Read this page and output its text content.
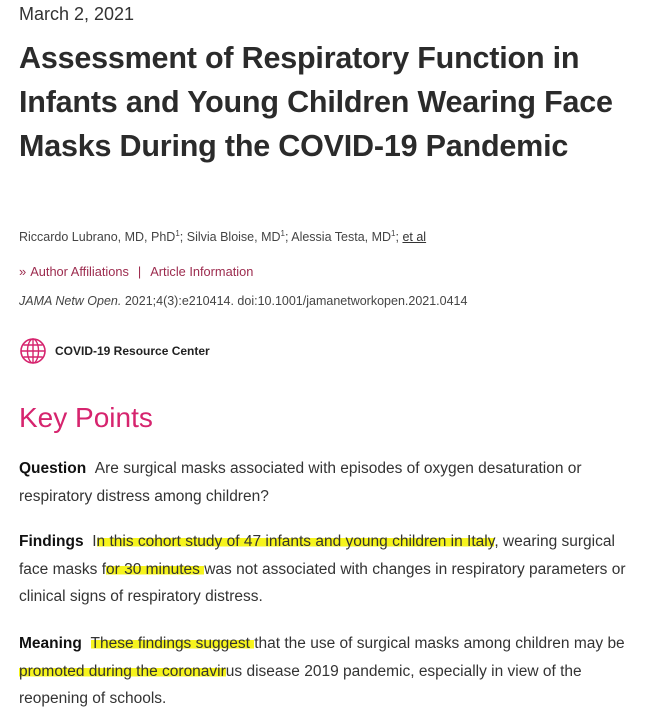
March 2, 2021
Assessment of Respiratory Function in Infants and Young Children Wearing Face Masks During the COVID-19 Pandemic
Riccardo Lubrano, MD, PhD$^1$; Silvia Bloise, $MD^1$; Alessia Testa, $MD^1$; et al
» Author Affiliations | Article Information
JAMA Netw Open. 2021;4(3):e210414. doi:10.1001/jamanetworkopen.2021.0414
COVID-19 Resource Center
Key Points

Question Are surgical masks associated with episodes of oxygen desaturation or respiratory distress among children?

Findings In this cohort study of 47 infants and young children in Italy, wearing surgical face masks for 30 minutes was not associated with changes in respiratory parameters or clinical signs of respiratory distress.

Meaning These findings suggest that the use of surgical masks among children may be promoted during the coronavirus disease 2019 pandemic, especially in view of the reopening of schools.
